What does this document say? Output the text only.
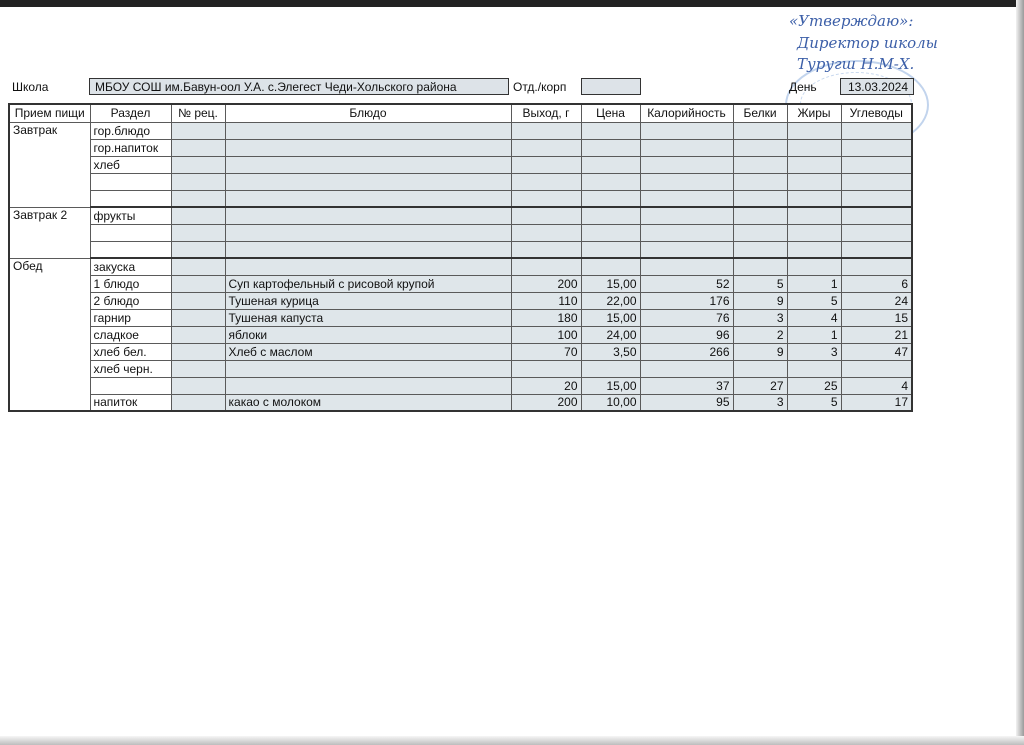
«Утверждаю»:
Директор школы
Туругш Н.М-Х.
Школа	МБОУ СОШ им.Бавун-оол У.А. с.Элегест Чеди-Хольского района	Отд./корп	День	13.03.2024
Прием пищи	Раздел	№ рец.	Блюдо	Выход, г	Цена	Калорийность	Белки	Жиры	Углеводы
Завтрак	гор.блюдо								
	гор.напиток								
	хлеб								

Завтрак 2	фрукты								

Обед	закуска								
	1 блюдо		Суп картофельный с рисовой крупой	200	15,00	52	5	1	6
	2 блюдо		Тушеная курица	110	22,00	176	9	5	24
	гарнир		Тушеная капуста	180	15,00	76	3	4	15
	сладкое		яблоки	100	24,00	96	2	1	21
	хлеб бел.		Хлеб с маслом	70	3,50	266	9	3	47
	хлеб черн.								
				20	15,00	37	27	25	4
	напиток		какао с молоком	200	10,00	95	3	5	17
